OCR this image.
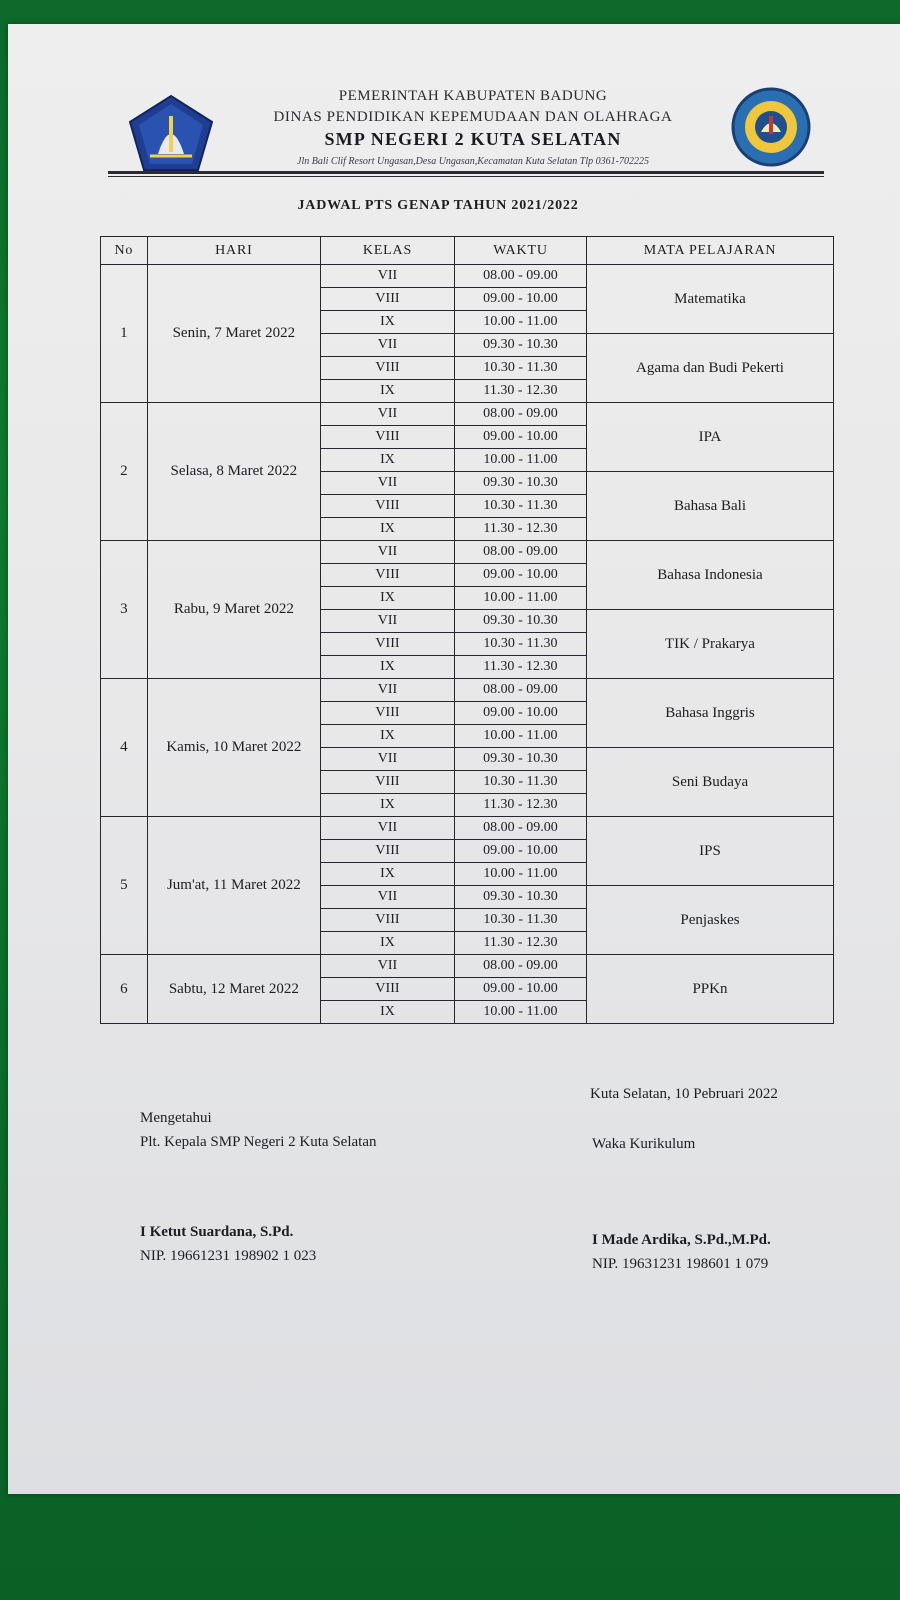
PEMERINTAH KABUPATEN BADUNG
DINAS PENDIDIKAN KEPEMUDAAN DAN OLAHRAGA
SMP NEGERI 2 KUTA SELATAN
Jln Bali Clif Resort Ungasan,Desa Ungasan,Kecamatan Kuta Selatan Tlp 0361-702225
JADWAL PTS GENAP TAHUN 2021/2022
No	HARI	KELAS	WAKTU	MATA PELAJARAN
1	Senin, 7 Maret 2022	VII	08.00 - 09.00	Matematika
		VIII	09.00 - 10.00	
		IX	10.00 - 11.00	
		VII	09.30 - 10.30	Agama dan Budi Pekerti
		VIII	10.30 - 11.30	
		IX	11.30 - 12.30	
2	Selasa, 8 Maret 2022	VII	08.00 - 09.00	IPA
		VIII	09.00 - 10.00	
		IX	10.00 - 11.00	
		VII	09.30 - 10.30	Bahasa Bali
		VIII	10.30 - 11.30	
		IX	11.30 - 12.30	
3	Rabu, 9 Maret 2022	VII	08.00 - 09.00	Bahasa Indonesia
		VIII	09.00 - 10.00	
		IX	10.00 - 11.00	
		VII	09.30 - 10.30	TIK / Prakarya
		VIII	10.30 - 11.30	
		IX	11.30 - 12.30	
4	Kamis, 10 Maret 2022	VII	08.00 - 09.00	Bahasa Inggris
		VIII	09.00 - 10.00	
		IX	10.00 - 11.00	
		VII	09.30 - 10.30	Seni Budaya
		VIII	10.30 - 11.30	
		IX	11.30 - 12.30	
5	Jum'at, 11 Maret 2022	VII	08.00 - 09.00	IPS
		VIII	09.00 - 10.00	
		IX	10.00 - 11.00	
		VII	09.30 - 10.30	Penjaskes
		VIII	10.30 - 11.30	
		IX	11.30 - 12.30	
6	Sabtu, 12 Maret 2022	VII	08.00 - 09.00	PPKn
		VIII	09.00 - 10.00	
		IX	10.00 - 11.00	
Kuta Selatan, 10 Pebruari 2022
Mengetahui
Plt. Kepala SMP Negeri 2 Kuta Selatan	Waka Kurikulum
I Ketut Suardana, S.Pd.
NIP. 19661231 198902 1 023
I Made Ardika, S.Pd.,M.Pd.
NIP. 19631231 198601 1 079
